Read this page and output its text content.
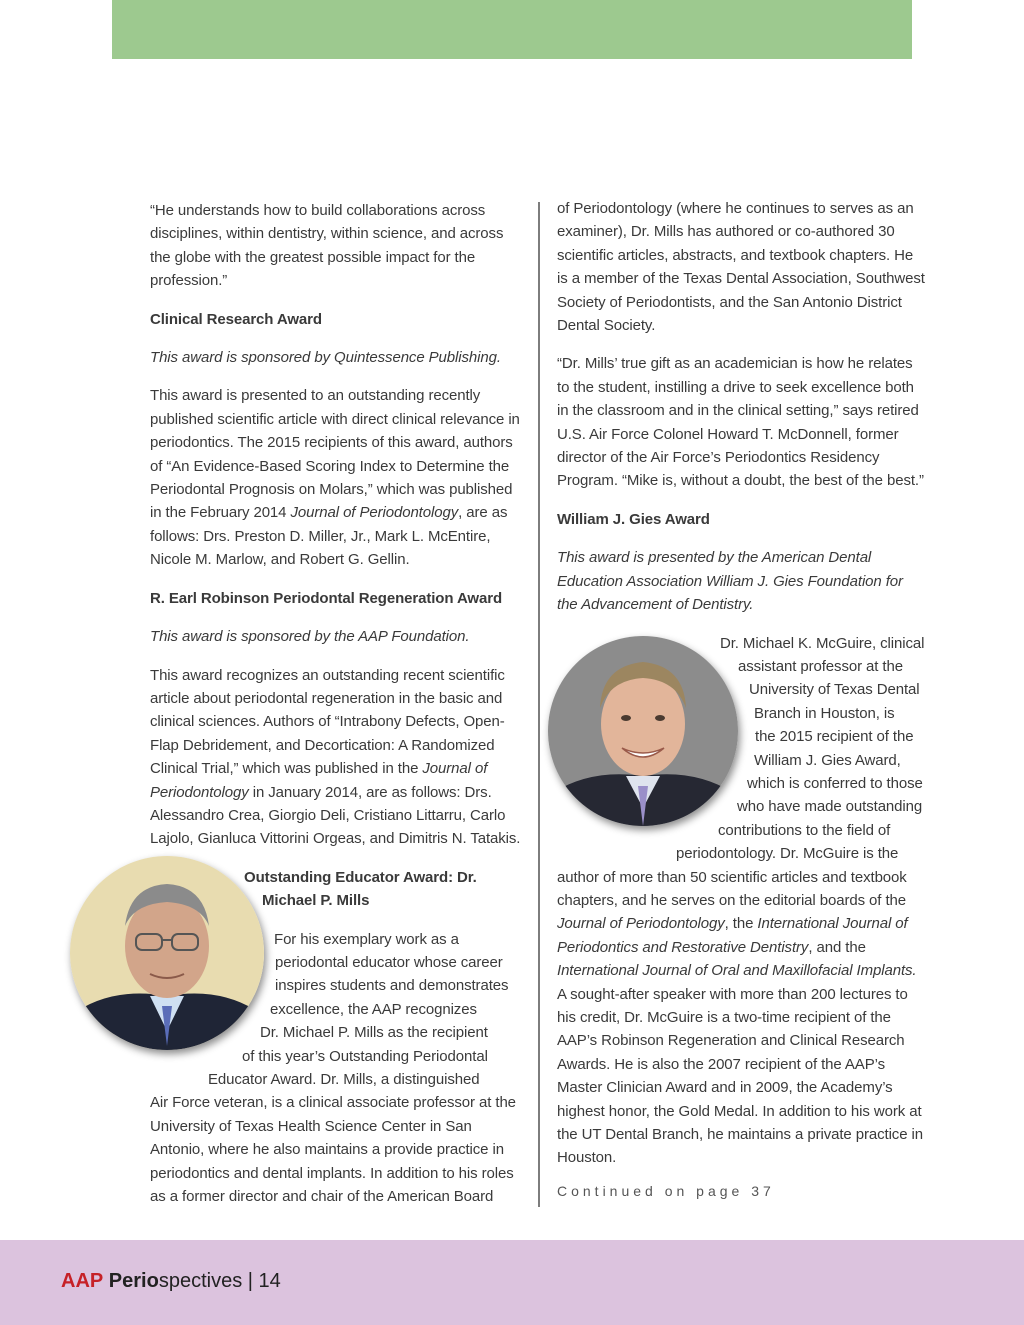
“He understands how to build collaborations across disciplines, within dentistry, within science, and across the globe with the greatest possible impact for the profession.”

Clinical Research Award

This award is sponsored by Quintessence Publishing.

This award is presented to an outstanding recently published scientific article with direct clinical relevance in periodontics. The 2015 recipients of this award, authors of “An Evidence-Based Scoring Index to Determine the Periodontal Prognosis on Molars,” which was published in the February 2014 Journal of Periodontology, are as follows: Drs. Preston D. Miller, Jr., Mark L. McEntire, Nicole M. Marlow, and Robert G. Gellin.

R. Earl Robinson Periodontal Regeneration Award

This award is sponsored by the AAP Foundation.

This award recognizes an outstanding recent scientific article about periodontal regeneration in the basic and clinical sciences. Authors of “Intrabony Defects, Open-Flap Debridement, and Decortication: A Randomized Clinical Trial,” which was published in the Journal of Periodontology in January 2014, are as follows: Drs. Alessandro Crea, Giorgio Deli, Cristiano Littarru, Carlo Lajolo, Gianluca Vittorini Orgeas, and Dimitris N. Tatakis.

Outstanding Educator Award: Dr.
Michael P. Mills
For his exemplary work as a
periodontal educator whose career
inspires students and demonstrates
excellence, the AAP recognizes
Dr. Michael P. Mills as the recipient
of this year’s Outstanding Periodontal
Educator Award. Dr. Mills, a distinguished
Air Force veteran, is a clinical associate professor at the University of Texas Health Science Center in San Antonio, where he also maintains a provide practice in periodontics and dental implants. In addition to his roles as a former director and chair of the American Board

of Periodontology (where he continues to serves as an examiner), Dr. Mills has authored or co-authored 30 scientific articles, abstracts, and textbook chapters. He is a member of the Texas Dental Association, Southwest Society of Periodontists, and the San Antonio District Dental Society.

“Dr. Mills’ true gift as an academician is how he relates to the student, instilling a drive to seek excellence both in the classroom and in the clinical setting,” says retired U.S. Air Force Colonel Howard T. McDonnell, former director of the Air Force’s Periodontics Residency Program. “Mike is, without a doubt, the best of the best.”

William J. Gies Award

This award is presented by the American Dental Education Association William J. Gies Foundation for the Advancement of Dentistry.

Dr. Michael K. McGuire, clinical
assistant professor at the
University of Texas Dental
Branch in Houston, is
the 2015 recipient of the
William J. Gies Award,
which is conferred to those
who have made outstanding
contributions to the field of
periodontology. Dr. McGuire is the
author of more than 50 scientific articles and textbook chapters, and he serves on the editorial boards of the Journal of Periodontology, the International Journal of Periodontics and Restorative Dentistry, and the International Journal of Oral and Maxillofacial Implants. A sought-after speaker with more than 200 lectures to his credit, Dr. McGuire is a two-time recipient of the AAP’s Robinson Regeneration and Clinical Research Awards. He is also the 2007 recipient of the AAP’s Master Clinician Award and in 2009, the Academy’s highest honor, the Gold Medal. In addition to his work at the UT Dental Branch, he maintains a private practice in Houston.
Continued on page 37
AAP Periospectives | 14
